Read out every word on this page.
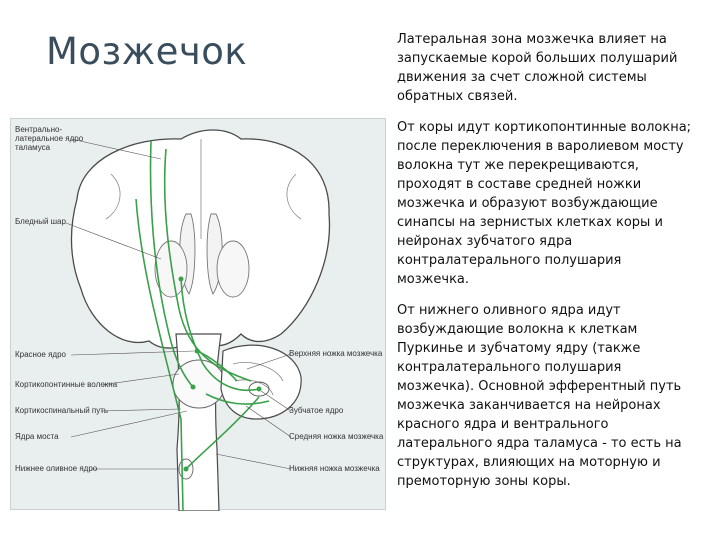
Мозжечок	Латеральная зона мозжечка влияет на запускаемые корой больших полушарий движения за счет сложной системы обратных связей.

От коры идут кортикопонтинные волокна; после переключения в варолиевом мосту волокна тут же перекрещиваются, проходят в составе средней ножки мозжечка и образуют возбуждающие синапсы на зернистых клетках коры и нейронах зубчатого ядра контралатерального полушария мозжечка.

От нижнего оливного ядра идут возбуждающие волокна к клеткам Пуркинье и зубчатому ядру (также контралатерального полушария мозжечка). Основной эфферентный путь мозжечка заканчивается на нейронах красного ядра и вентрального латерального ядра таламуса - то есть на структурах, влияющих на моторную и премоторную зоны коры.

Вентрально-латеральное ядро таламуса
Бледный шар
Красное ядро
Кортикопонтинные волокна
Кортикоспинальный путь
Ядра моста
Нижнее оливное ядро
Верхняя ножка мозжечка
Зубчатое ядро
Средняя ножка мозжечка
Нижняя ножка мозжечка
